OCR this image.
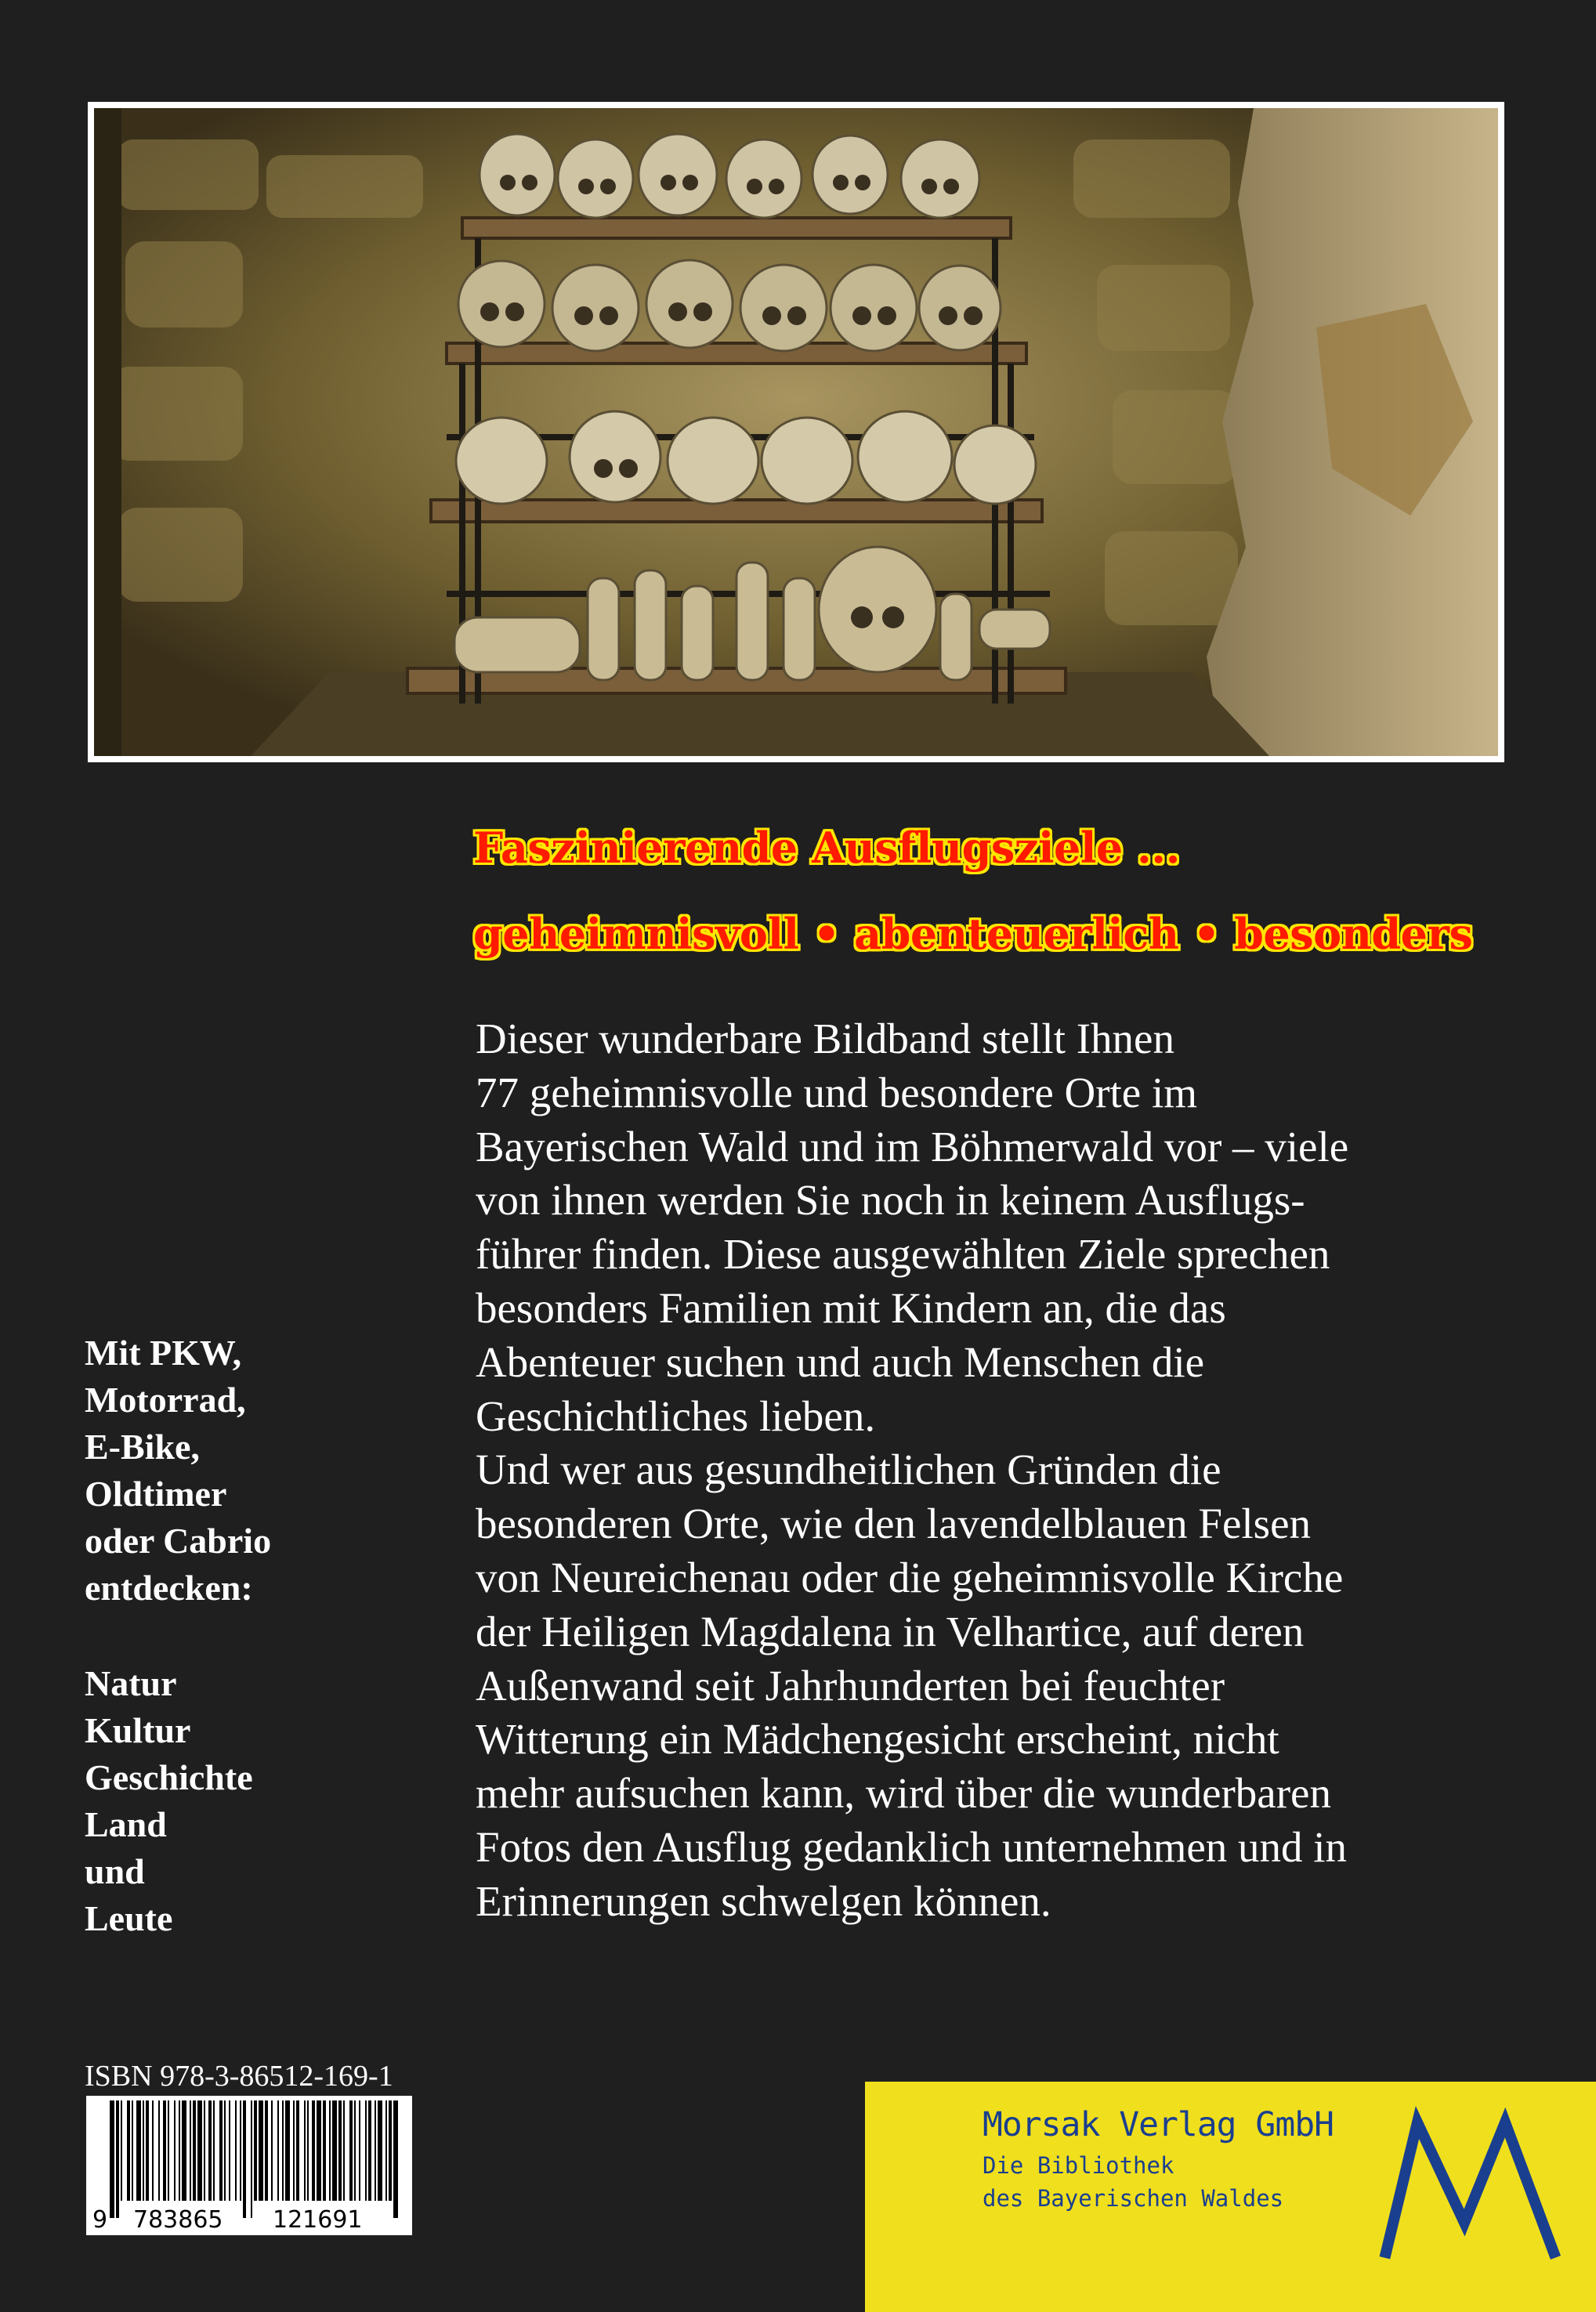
Faszinierende Ausflugsziele ...
geheimnisvoll • abenteuerlich • besonders
Dieser wunderbare Bildband stellt Ihnen
77 geheimnisvolle und besondere Orte im
Bayerischen Wald und im Böhmerwald vor – viele
von ihnen werden Sie noch in keinem Ausflugs-
führer finden. Diese ausgewählten Ziele sprechen
besonders Familien mit Kindern an, die das
Abenteuer suchen und auch Menschen die
Geschichtliches lieben.
Und wer aus gesundheitlichen Gründen die
besonderen Orte, wie den lavendelblauen Felsen
von Neureichenau oder die geheimnisvolle Kirche
der Heiligen Magdalena in Velhartice, auf deren
Außenwand seit Jahrhunderten bei feuchter
Witterung ein Mädchengesicht erscheint, nicht
mehr aufsuchen kann, wird über die wunderbaren
Fotos den Ausflug gedanklich unternehmen und in
Erinnerungen schwelgen können.
Mit PKW,
Motorrad,
E-Bike,
Oldtimer
oder Cabrio
entdecken:
Natur
Kultur
Geschichte
Land
und
Leute
ISBN 978-3-86512-169-1
9 783865 121691
Morsak Verlag GmbH
Die Bibliothek
des Bayerischen Waldes
